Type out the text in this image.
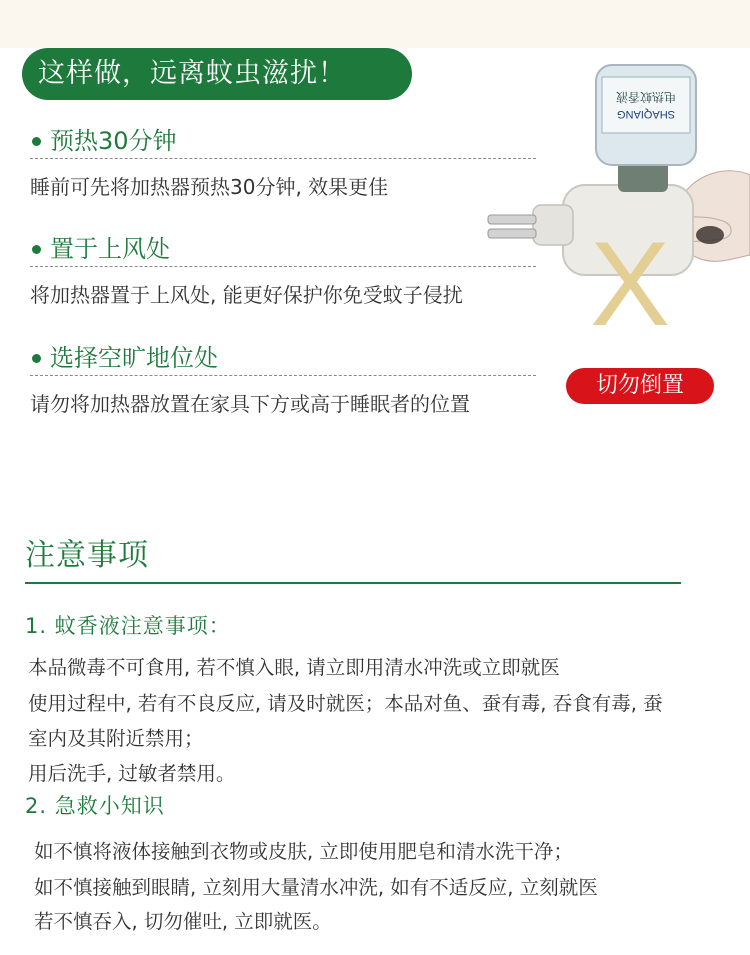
这样做，远离蚊虫滋扰！
预热30分钟
睡前可先将加热器预热30分钟, 效果更佳
置于上风处
将加热器置于上风处, 能更好保护你免受蚊子侵扰
选择空旷地位处
请勿将加热器放置在家具下方或高于睡眠者的位置
SHAQIANG
电热蚊香液
X
切勿倒置
注意事项
1. 蚊香液注意事项：
本品微毒不可食用, 若不慎入眼, 请立即用清水冲洗或立即就医
使用过程中, 若有不良反应, 请及时就医；本品对鱼、蚕有毒, 吞食有毒, 蚕
室内及其附近禁用；
用后洗手, 过敏者禁用。
2. 急救小知识
如不慎将液体接触到衣物或皮肤, 立即使用肥皂和清水洗干净；
如不慎接触到眼睛, 立刻用大量清水冲洗, 如有不适反应, 立刻就医
若不慎吞入, 切勿催吐, 立即就医。
